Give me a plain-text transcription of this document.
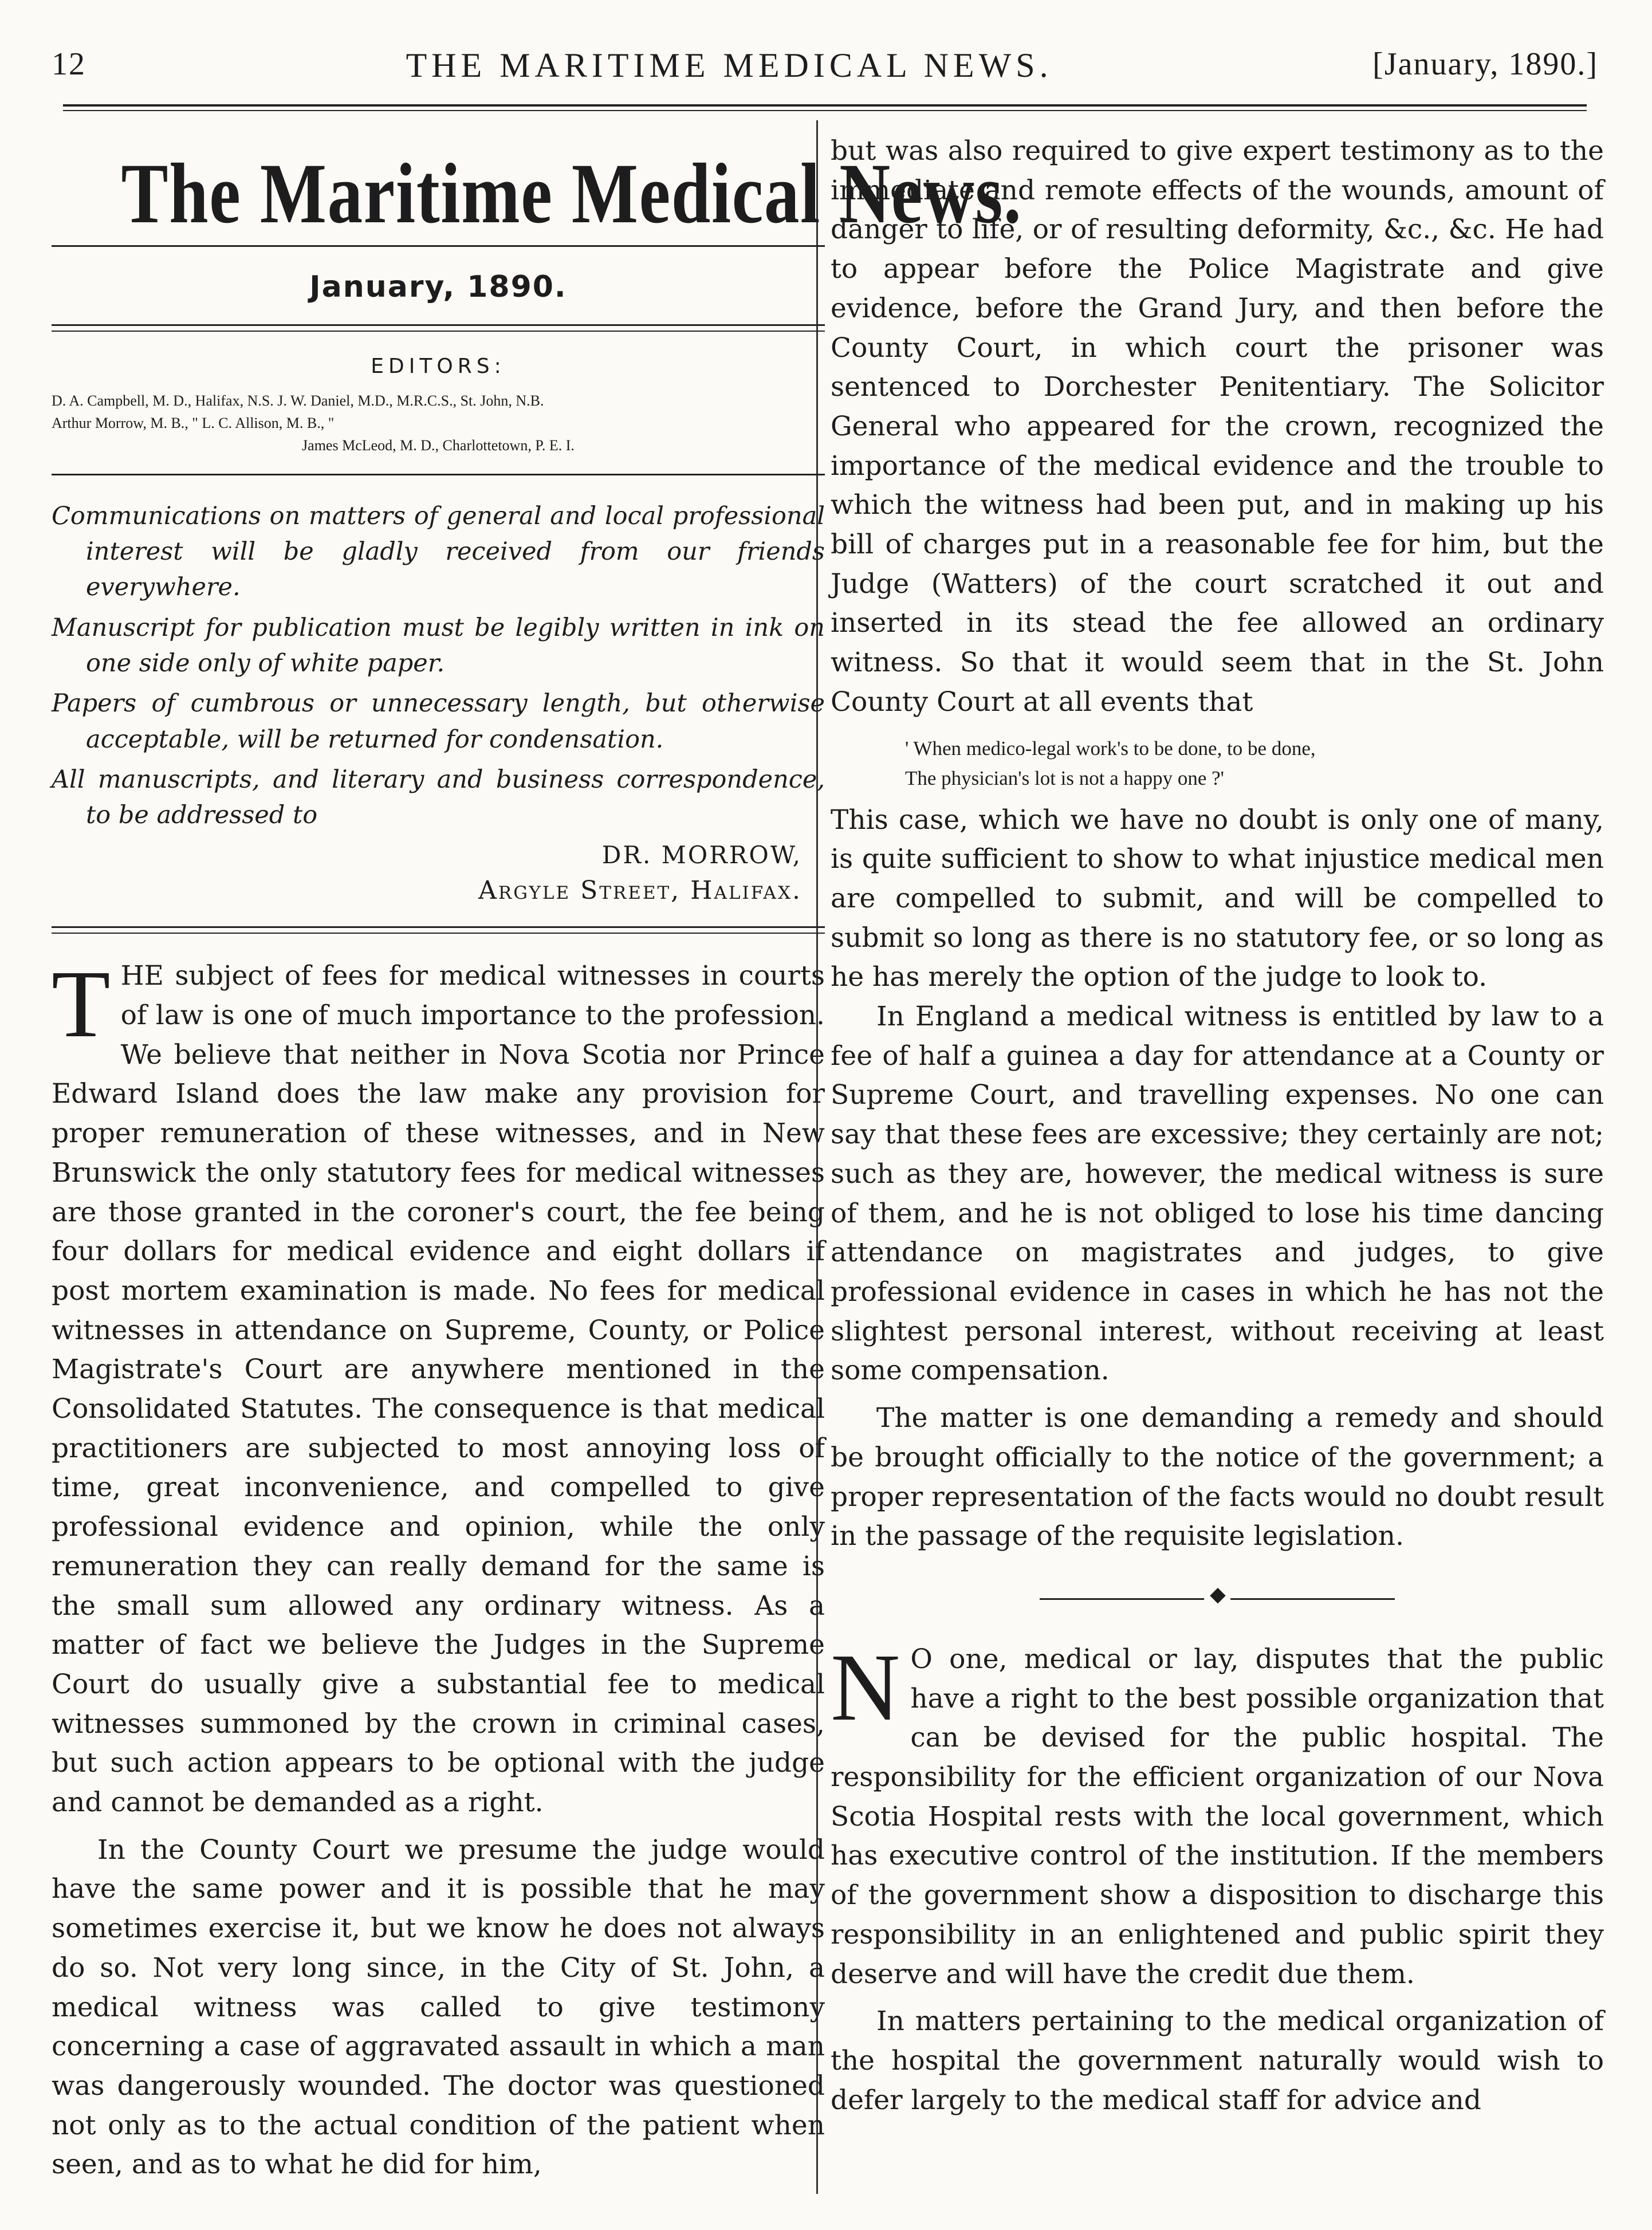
12	THE MARITIME MEDICAL NEWS.	[January, 1890.]
The Maritime Medical News.
January, 1890.
EDITORS:
D. A. Campbell, M. D., Halifax, N.S. J. W. Daniel, M.D., M.R.C.S., St. John, N.B.
Arthur Morrow, M. B., " L. C. Allison, M. B., "
James McLeod, M. D., Charlottetown, P. E. I.

Communications on matters of general and local professional interest will be gladly received from our friends everywhere.

Manuscript for publication must be legibly written in ink on one side only of white paper.

Papers of cumbrous or unnecessary length, but otherwise acceptable, will be returned for condensation.

All manuscripts, and literary and business correspondence, to be addressed to

DR. MORROW,
Argyle Street, Halifax.

THE subject of fees for medical witnesses in courts of law is one of much importance to the profession. We believe that neither in Nova Scotia nor Prince Edward Island does the law make any provision for proper remuneration of these witnesses, and in New Brunswick the only statutory fees for medical witnesses are those granted in the coroner's court, the fee being four dollars for medical evidence and eight dollars if post mortem examination is made. No fees for medical witnesses in attendance on Supreme, County, or Police Magistrate's Court are anywhere mentioned in the Consolidated Statutes. The consequence is that medical practitioners are subjected to most annoying loss of time, great inconvenience, and compelled to give professional evidence and opinion, while the only remuneration they can really demand for the same is the small sum allowed any ordinary witness. As a matter of fact we believe the Judges in the Supreme Court do usually give a substantial fee to medical witnesses summoned by the crown in criminal cases, but such action appears to be optional with the judge and cannot be demanded as a right.

In the County Court we presume the judge would have the same power and it is possible that he may sometimes exercise it, but we know he does not always do so. Not very long since, in the City of St. John, a medical witness was called to give testimony concerning a case of aggravated assault in which a man was dangerously wounded. The doctor was questioned not only as to the actual condition of the patient when seen, and as to what he did for him,

but was also required to give expert testimony as to the immediate and remote effects of the wounds, amount of danger to life, or of resulting deformity, &c., &c. He had to appear before the Police Magistrate and give evidence, before the Grand Jury, and then before the County Court, in which court the prisoner was sentenced to Dorchester Penitentiary. The Solicitor General who appeared for the crown, recognized the importance of the medical evidence and the trouble to which the witness had been put, and in making up his bill of charges put in a reasonable fee for him, but the Judge (Watters) of the court scratched it out and inserted in its stead the fee allowed an ordinary witness. So that it would seem that in the St. John County Court at all events that

' When medico-legal work's to be done, to be done,
The physician's lot is not a happy one ?'

This case, which we have no doubt is only one of many, is quite sufficient to show to what injustice medical men are compelled to submit, and will be compelled to submit so long as there is no statutory fee, or so long as he has merely the option of the judge to look to.

In England a medical witness is entitled by law to a fee of half a guinea a day for attendance at a County or Supreme Court, and travelling expenses. No one can say that these fees are excessive; they certainly are not; such as they are, however, the medical witness is sure of them, and he is not obliged to lose his time dancing attendance on magistrates and judges, to give professional evidence in cases in which he has not the slightest personal interest, without receiving at least some compensation.

The matter is one demanding a remedy and should be brought officially to the notice of the government; a proper representation of the facts would no doubt result in the passage of the requisite legislation.

◆

N O one, medical or lay, disputes that the public have a right to the best possible organization that can be devised for the public hospital. The responsibility for the efficient organization of our Nova Scotia Hospital rests with the local government, which has executive control of the institution. If the members of the government show a disposition to discharge this responsibility in an enlightened and public spirit they deserve and will have the credit due them.

In matters pertaining to the medical organization of the hospital the government naturally would wish to defer largely to the medical staff for advice and
